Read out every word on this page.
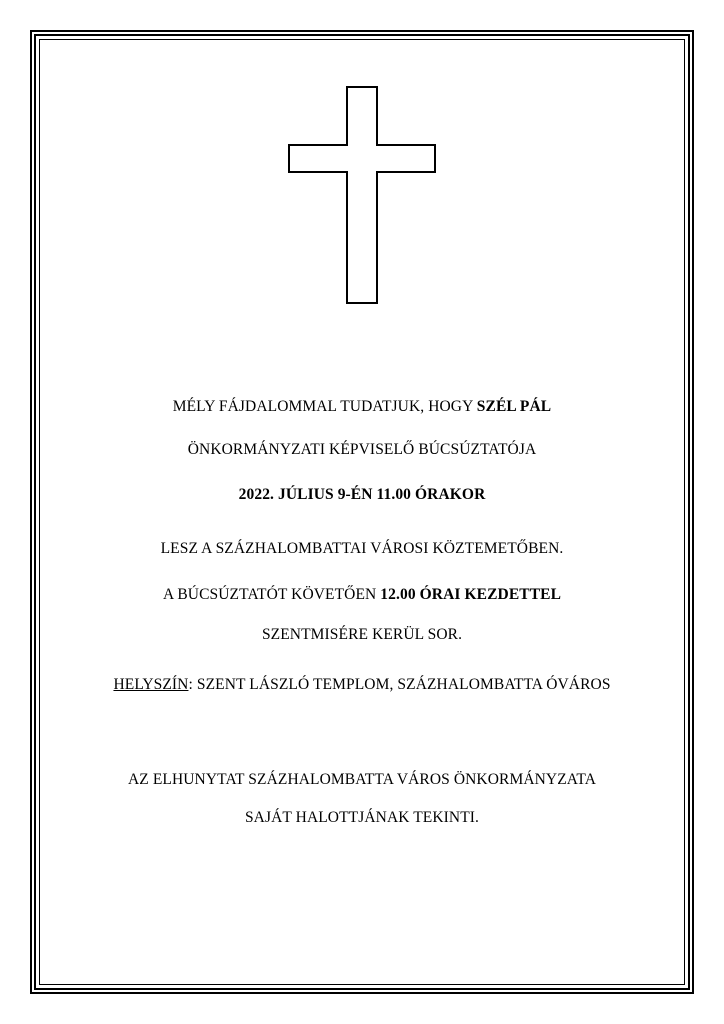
MÉLY FÁJDALOMMAL TUDATJUK, HOGY SZÉL PÁL
ÖNKORMÁNYZATI KÉPVISELŐ BÚCSÚZTATÓJA
2022. JÚLIUS 9-ÉN 11.00 ÓRAKOR
LESZ A SZÁZHALOMBATTAI VÁROSI KÖZTEMETŐBEN.
A BÚCSÚZTATÓT KÖVETŐEN 12.00 ÓRAI KEZDETTEL
SZENTMISÉRE KERÜL SOR.
HELYSZÍN: SZENT LÁSZLÓ TEMPLOM, SZÁZHALOMBATTA ÓVÁROS
AZ ELHUNYTAT SZÁZHALOMBATTA VÁROS ÖNKORMÁNYZATA
SAJÁT HALOTTJÁNAK TEKINTI.
